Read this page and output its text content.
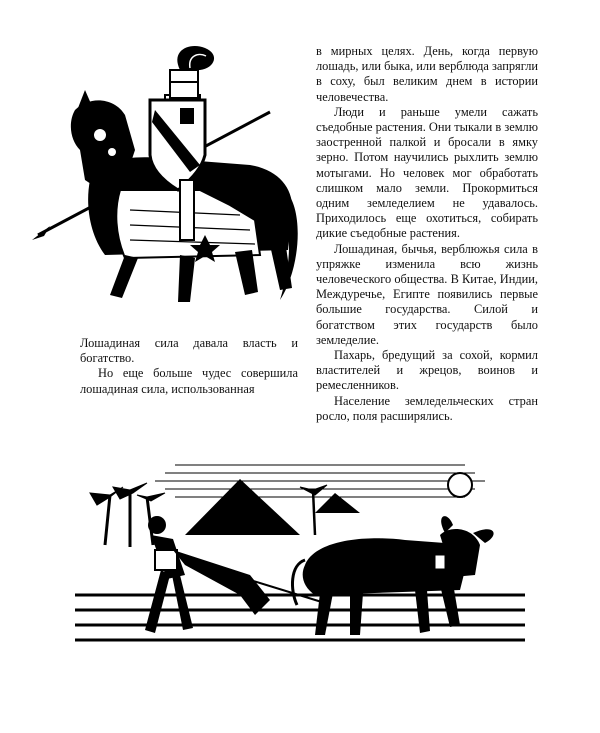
в мирных целях. День, когда первую лошадь, или быка, или верблюда запрягли в соху, был великим днем в истории человечества.

Люди и раньше умели сажать съедобные растения. Они тыкали в землю заостренной палкой и бросали в ямку зерно. Потом научились рыхлить землю мотыгами. Но человек мог обработать слишком мало земли. Прокормиться одним земледелием не удавалось. Приходилось еще охотиться, собирать дикие съедобные растения.

Лошадиная, бычья, верблюжья сила в упряжке изменила всю жизнь человеческого общества. В Китае, Индии, Междуречье, Египте появились первые большие государства. Силой и богатством этих государств было земледелие.

Пахарь, бредущий за сохой, кормил властителей и жрецов, воинов и ремесленников.

Население земледельческих стран росло, поля расширялись.

Лошадиная сила давала власть и богатство.

Но еще больше чудес совершила лошадиная сила, использованная
